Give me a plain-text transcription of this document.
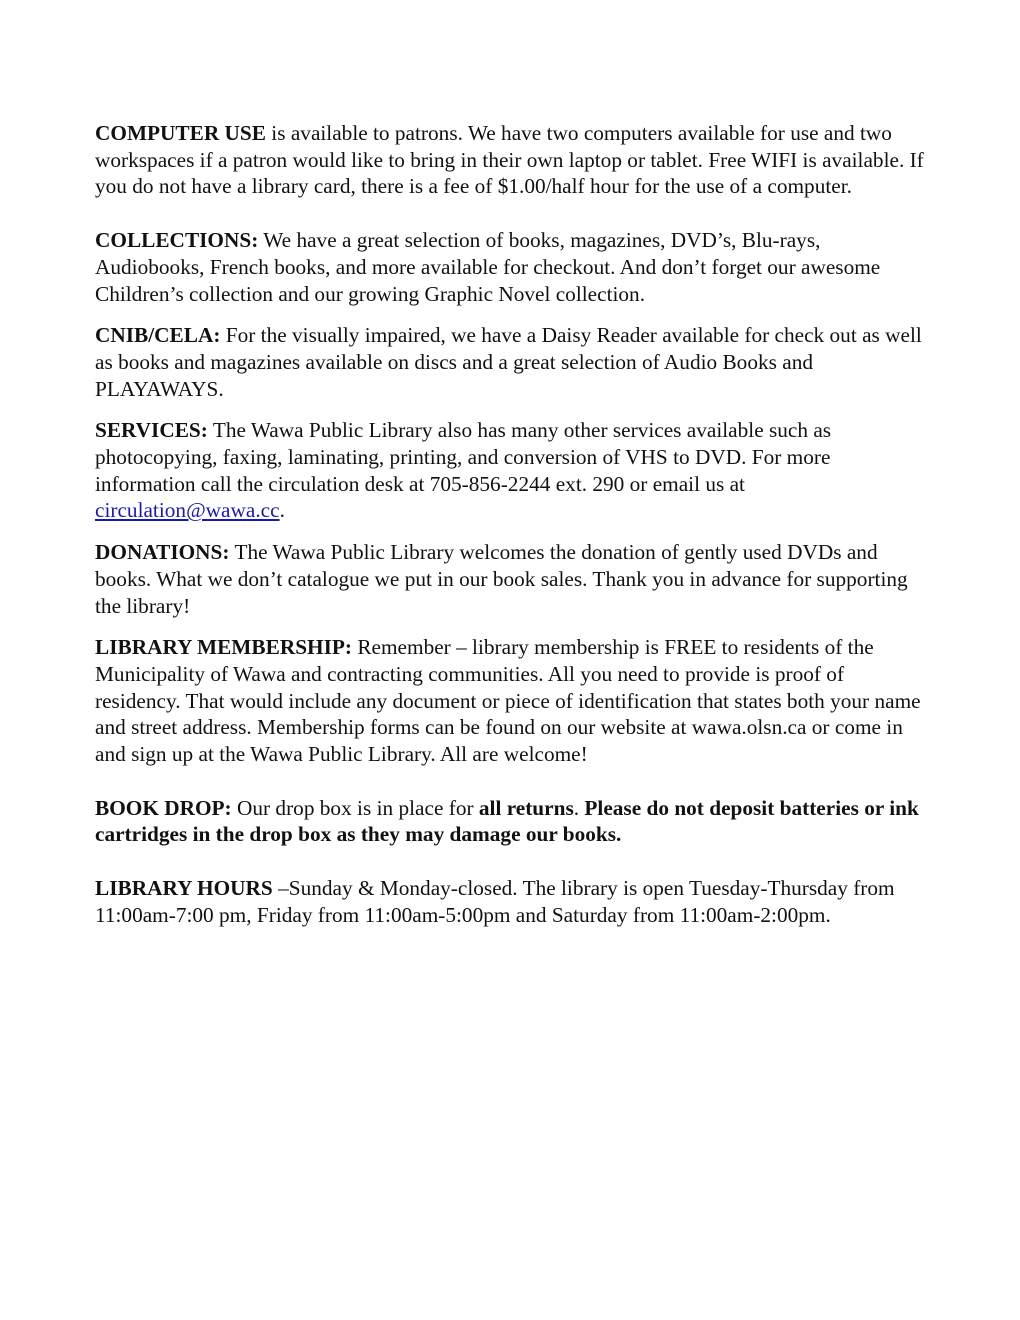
COMPUTER USE is available to patrons. We have two computers available for use and two workspaces if a patron would like to bring in their own laptop or tablet. Free WIFI is available. If you do not have a library card, there is a fee of $1.00/half hour for the use of a computer.

COLLECTIONS: We have a great selection of books, magazines, DVD’s, Blu-rays, Audiobooks, French books, and more available for checkout. And don’t forget our awesome Children’s collection and our growing Graphic Novel collection.

CNIB/CELA: For the visually impaired, we have a Daisy Reader available for check out as well as books and magazines available on discs and a great selection of Audio Books and PLAYAWAYS.

SERVICES: The Wawa Public Library also has many other services available such as photocopying, faxing, laminating, printing, and conversion of VHS to DVD. For more information call the circulation desk at 705-856-2244 ext. 290 or email us at circulation@wawa.cc.

DONATIONS: The Wawa Public Library welcomes the donation of gently used DVDs and books. What we don’t catalogue we put in our book sales. Thank you in advance for supporting the library!

LIBRARY MEMBERSHIP: Remember – library membership is FREE to residents of the Municipality of Wawa and contracting communities. All you need to provide is proof of residency. That would include any document or piece of identification that states both your name and street address. Membership forms can be found on our website at wawa.olsn.ca or come in and sign up at the Wawa Public Library. All are welcome!

BOOK DROP: Our drop box is in place for all returns. Please do not deposit batteries or ink cartridges in the drop box as they may damage our books.

LIBRARY HOURS –Sunday & Monday-closed. The library is open Tuesday-Thursday from 11:00am-7:00 pm, Friday from 11:00am-5:00pm and Saturday from 11:00am-2:00pm.
